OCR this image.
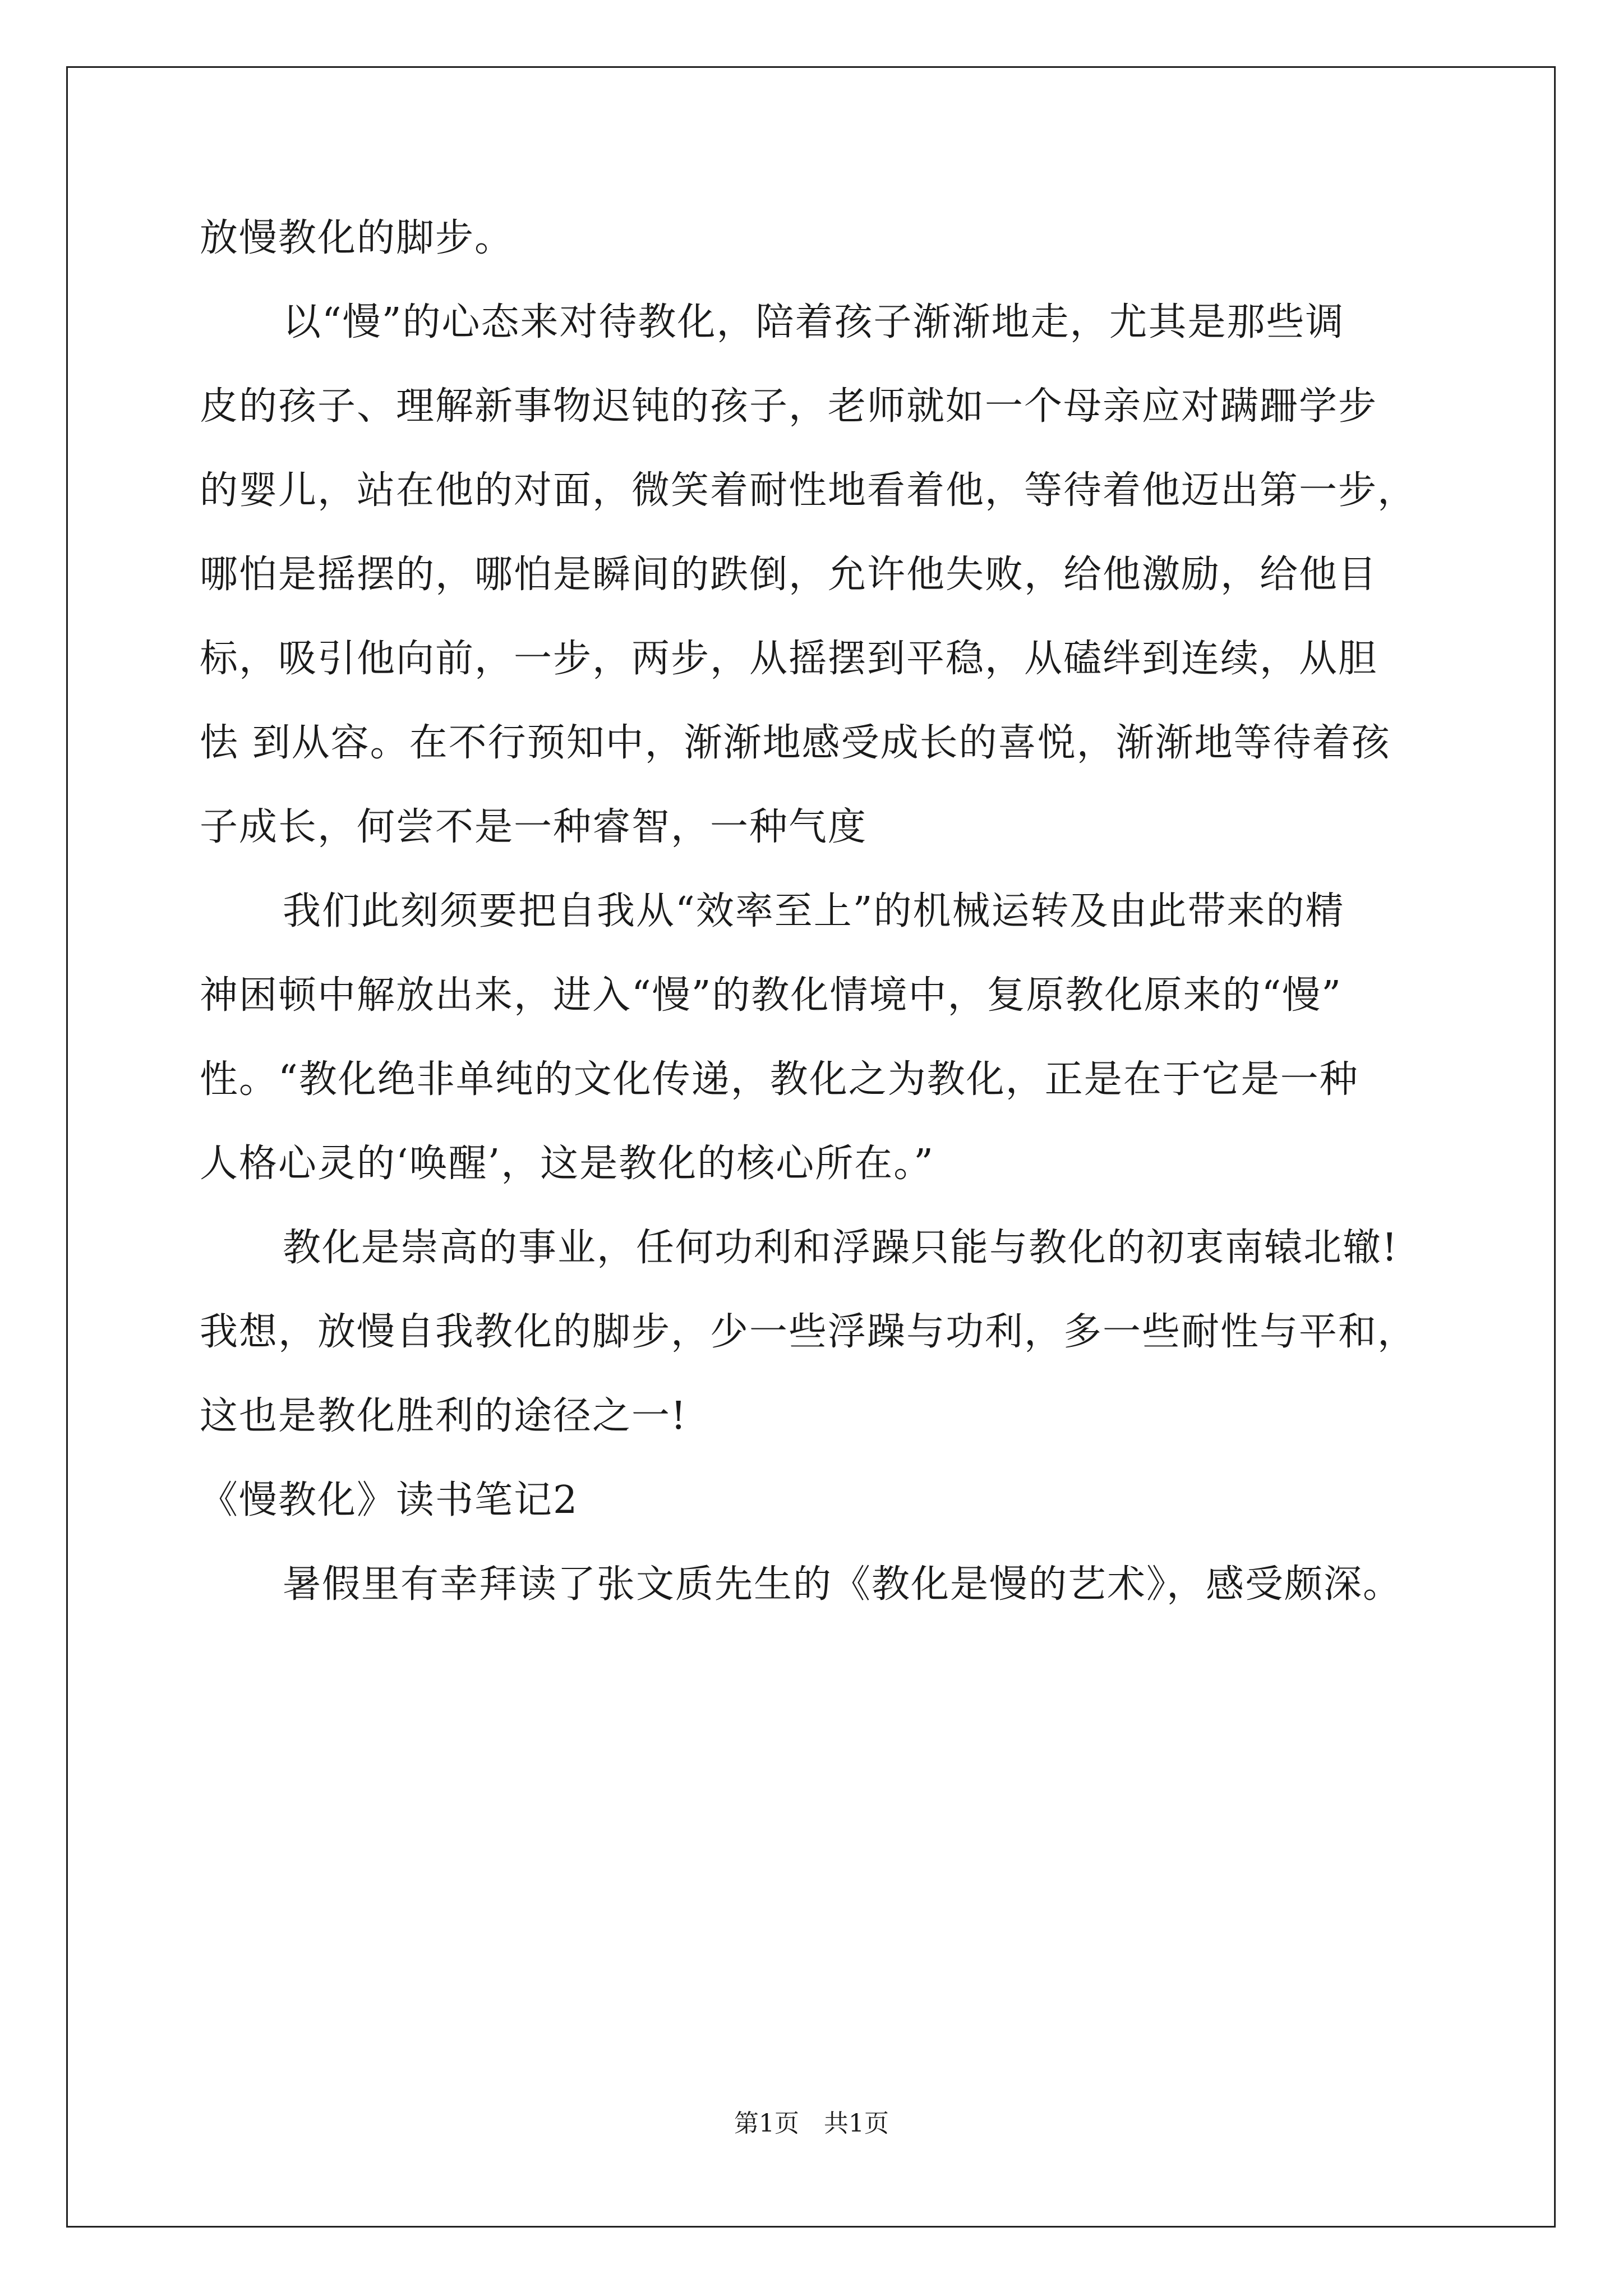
放慢教化的脚步。
以“慢”的心态来对待教化，陪着孩子渐渐地走，尤其是那些调
皮的孩子、理解新事物迟钝的孩子，老师就如一个母亲应对蹒跚学步
的婴儿，站在他的对面，微笑着耐性地看着他，等待着他迈出第一步，
哪怕是摇摆的，哪怕是瞬间的跌倒，允许他失败，给他激励，给他目
标，吸引他向前，一步，两步，从摇摆到平稳，从磕绊到连续，从胆
怯 到从容。在不行预知中，渐渐地感受成长的喜悦，渐渐地等待着孩
子成长，何尝不是一种睿智，一种气度
我们此刻须要把自我从“效率至上”的机械运转及由此带来的精
神困顿中解放出来，进入“慢”的教化情境中，复原教化原来的“慢”
性。“教化绝非单纯的文化传递，教化之为教化，正是在于它是一种
人格心灵的‘唤醒’，这是教化的核心所在。”
教化是崇高的事业，任何功利和浮躁只能与教化的初衷南辕北辙!
我想，放慢自我教化的脚步，少一些浮躁与功利，多一些耐性与平和，
这也是教化胜利的途径之一!
《慢教化》读书笔记2
暑假里有幸拜读了张文质先生的《教化是慢的艺术》，感受颇深。
第1页　共1页
